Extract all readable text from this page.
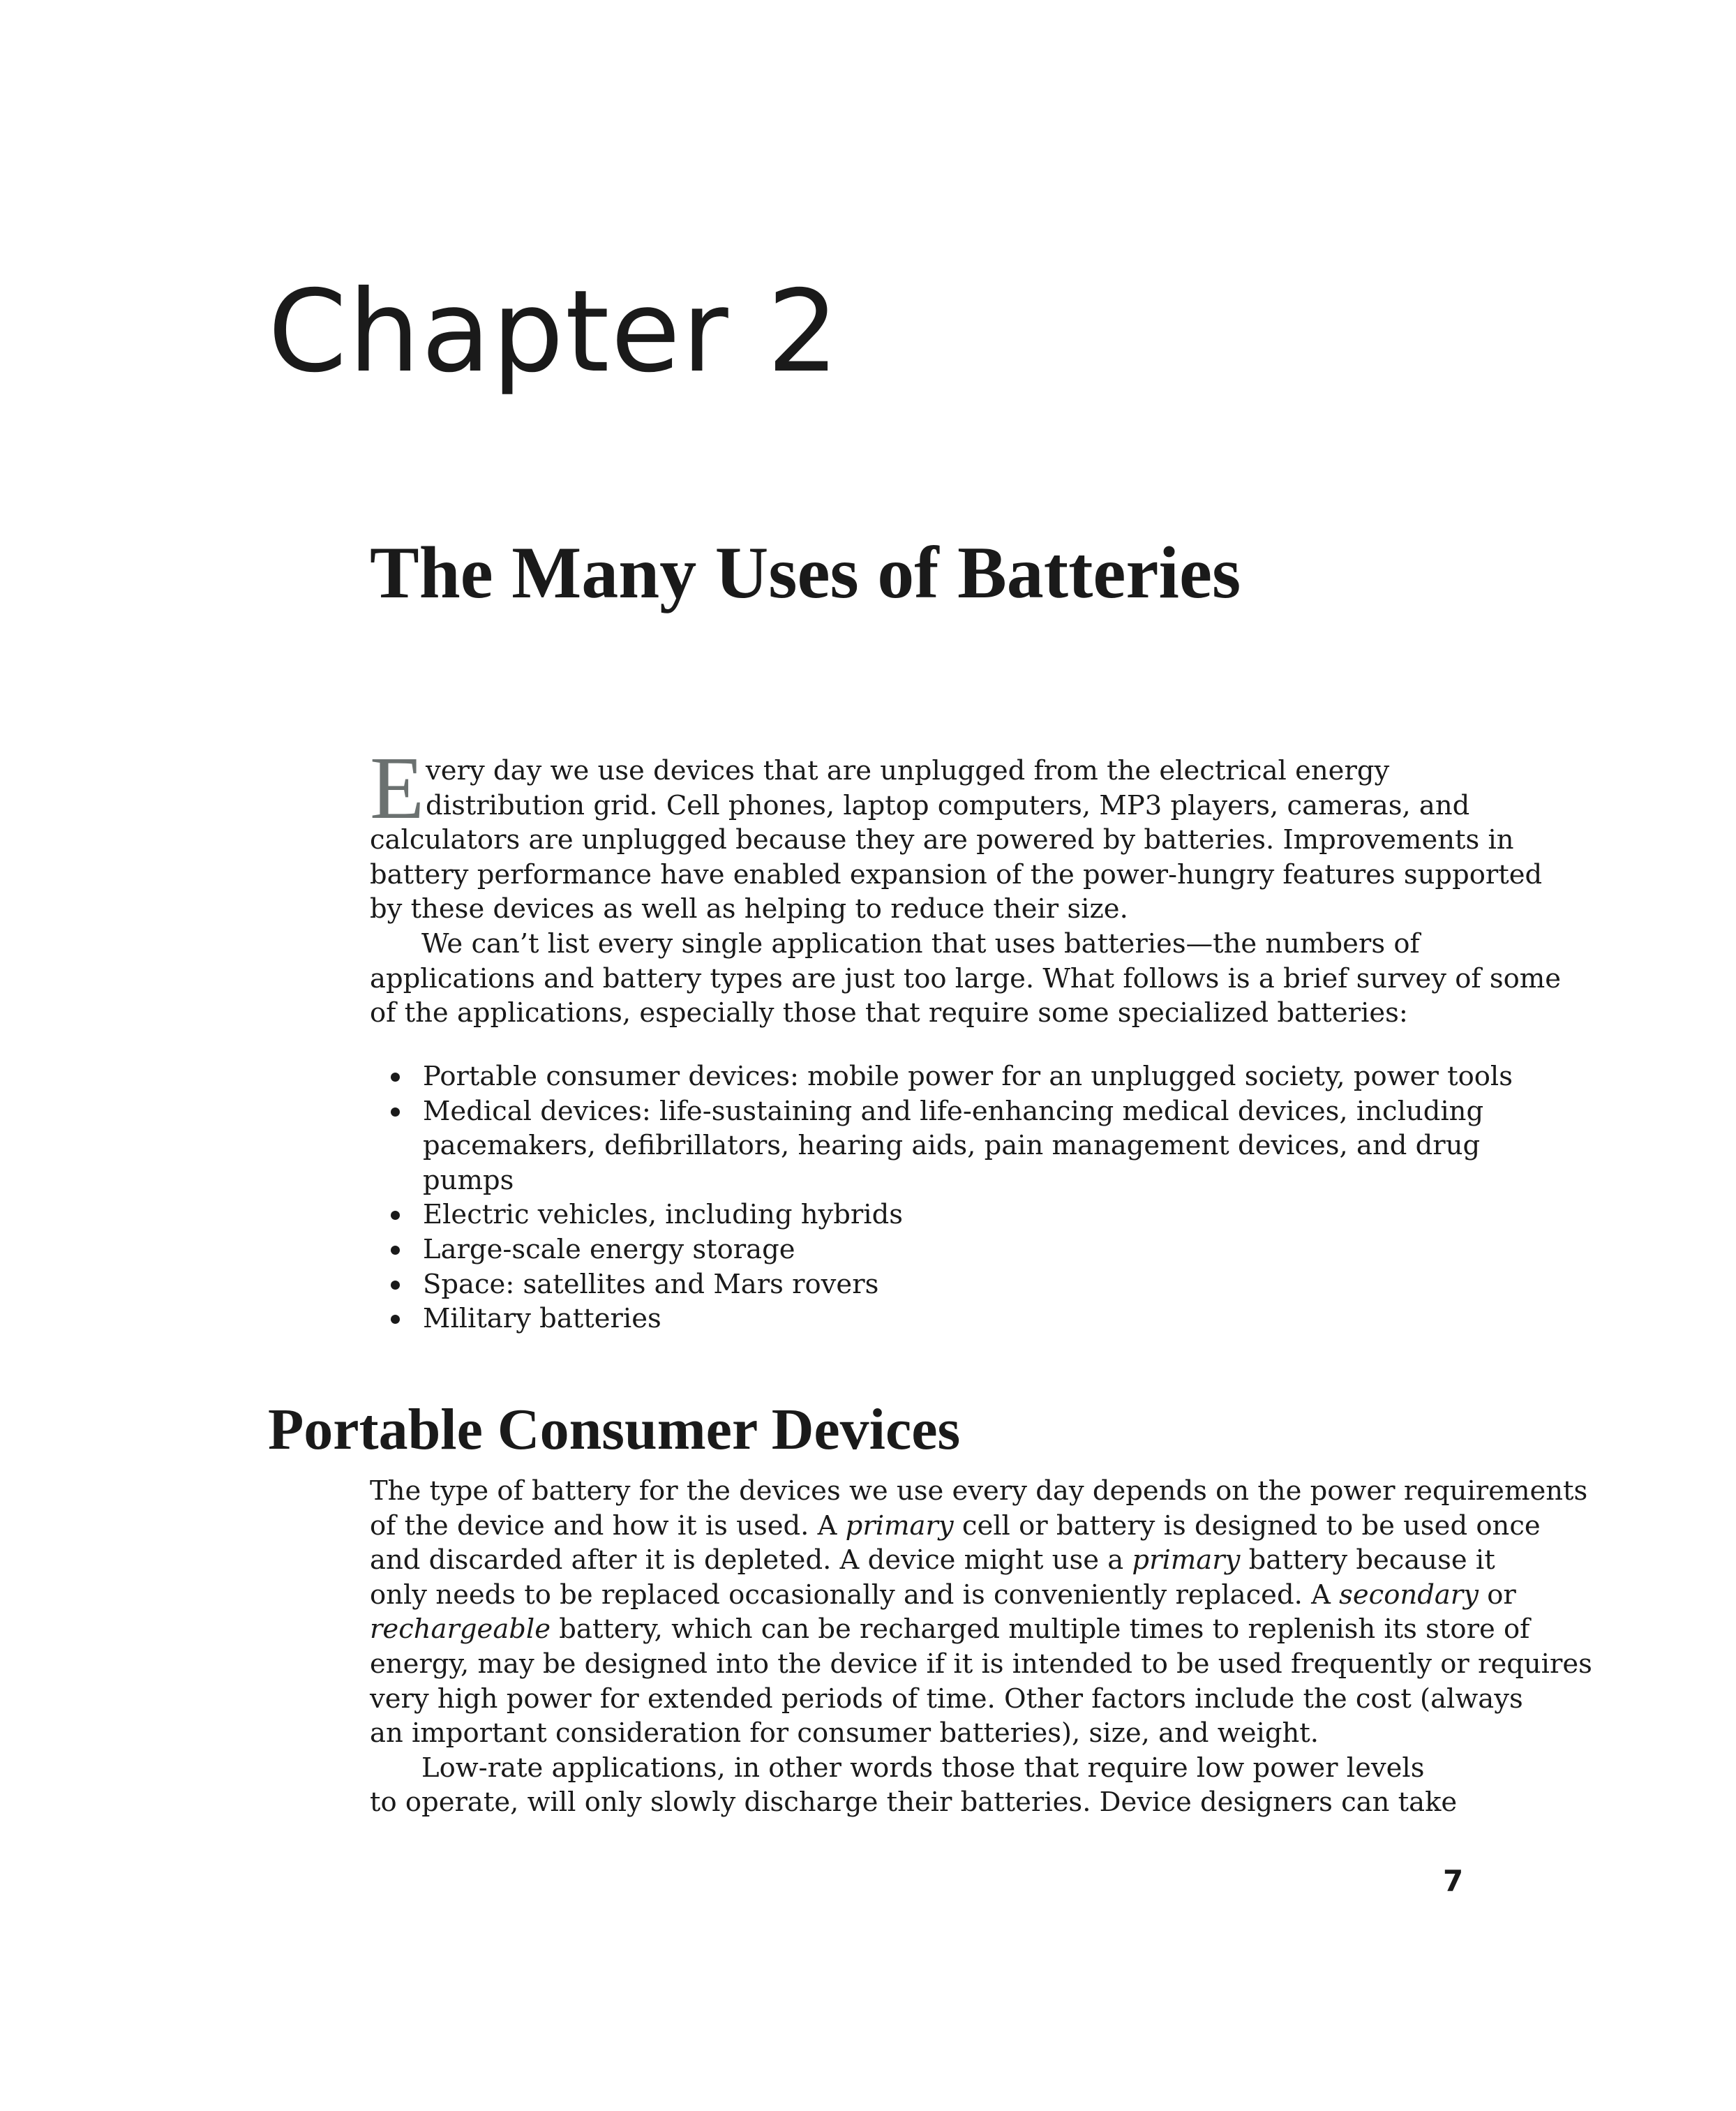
Chapter 2
The Many Uses of Batteries
E very day we use devices that are unplugged from the electrical energy
distribution grid. Cell phones, laptop computers, MP3 players, cameras, and
calculators are unplugged because they are powered by batteries. Improvements in
battery performance have enabled expansion of the power-hungry features supported
by these devices as well as helping to reduce their size.
We can’t list every single application that uses batteries—the numbers of
applications and battery types are just too large. What follows is a brief survey of some
of the applications, especially those that require some specialized batteries:
Portable consumer devices: mobile power for an unplugged society, power tools
Medical devices: life-sustaining and life-enhancing medical devices, including
pacemakers, defibrillators, hearing aids, pain management devices, and drug
pumps
Electric vehicles, including hybrids
Large-scale energy storage
Space: satellites and Mars rovers
Military batteries
Portable Consumer Devices
The type of battery for the devices we use every day depends on the power requirements
of the device and how it is used. A primary cell or battery is designed to be used once
and discarded after it is depleted. A device might use a primary battery because it
only needs to be replaced occasionally and is conveniently replaced. A secondary or
rechargeable battery, which can be recharged multiple times to replenish its store of
energy, may be designed into the device if it is intended to be used frequently or requires
very high power for extended periods of time. Other factors include the cost (always
an important consideration for consumer batteries), size, and weight.
Low-rate applications, in other words those that require low power levels
to operate, will only slowly discharge their batteries. Device designers can take
7
